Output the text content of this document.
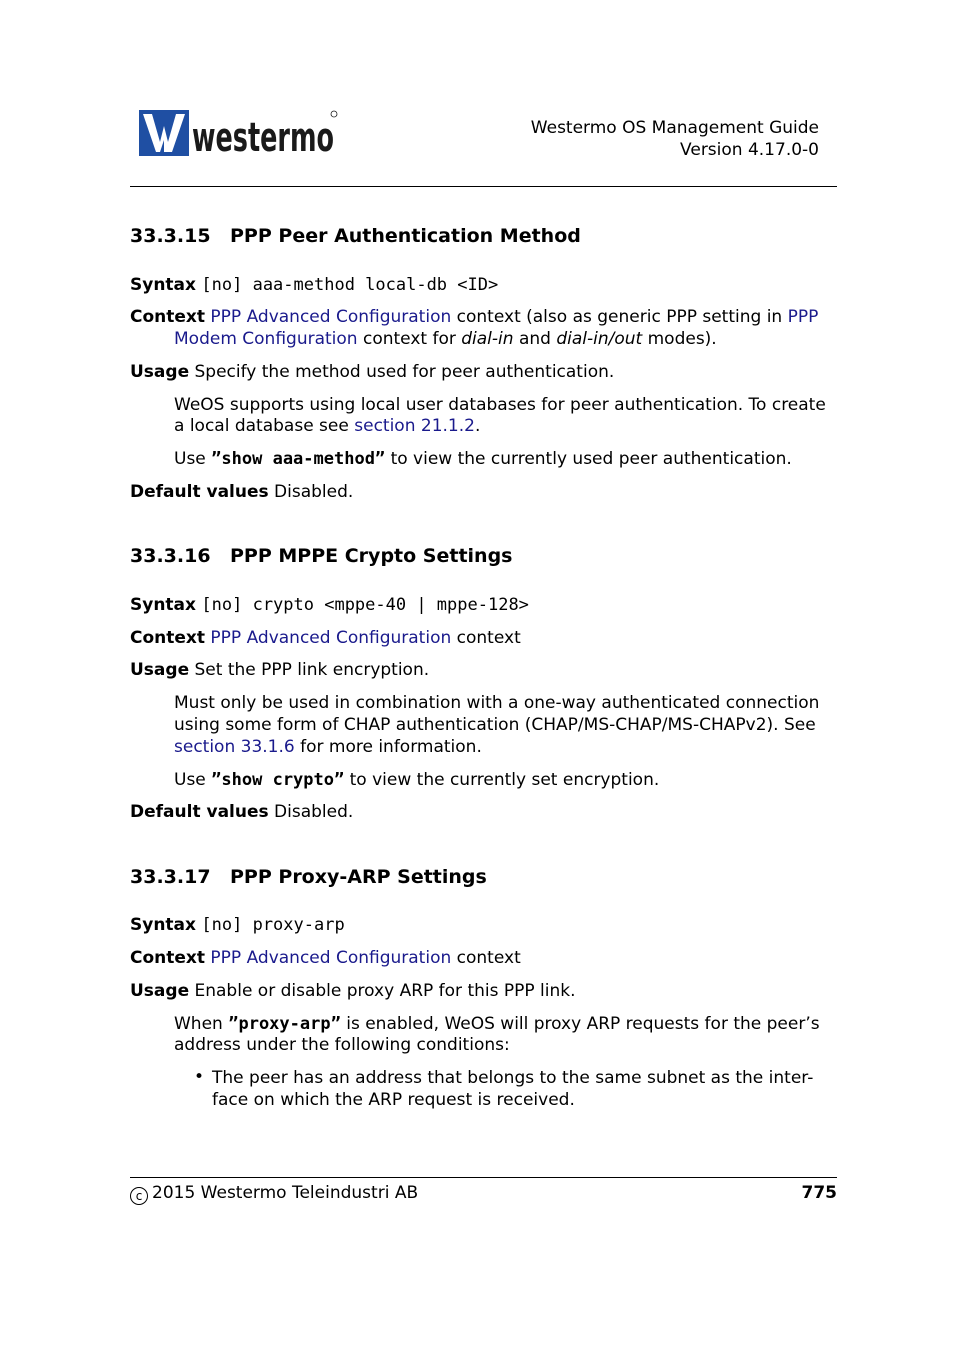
westermo	Westermo OS Management Guide
Version 4.17.0-0
33.3.15 PPP Peer Authentication Method
Syntax [no] aaa-method local-db <ID>
Context PPP Advanced Configuration context (also as generic PPP setting in PPP
Modem Configuration context for dial-in and dial-in/out modes).
Usage Specify the method used for peer authentication.
WeOS supports using local user databases for peer authentication. To create
a local database see section 21.1.2.
Use ”show aaa-method” to view the currently used peer authentication.
Default values Disabled.
33.3.16 PPP MPPE Crypto Settings
Syntax [no] crypto <mppe-40 | mppe-128>
Context PPP Advanced Configuration context
Usage Set the PPP link encryption.
Must only be used in combination with a one-way authenticated connection
using some form of CHAP authentication (CHAP/MS-CHAP/MS-CHAPv2). See
section 33.1.6 for more information.
Use ”show crypto” to view the currently set encryption.
Default values Disabled.
33.3.17 PPP Proxy-ARP Settings
Syntax [no] proxy-arp
Context PPP Advanced Configuration context
Usage Enable or disable proxy ARP for this PPP link.
When ”proxy-arp” is enabled, WeOS will proxy ARP requests for the peer’s
address under the following conditions:
• The peer has an address that belongs to the same subnet as the inter-
face on which the ARP request is received.
c 2015 Westermo Teleindustri AB	775
